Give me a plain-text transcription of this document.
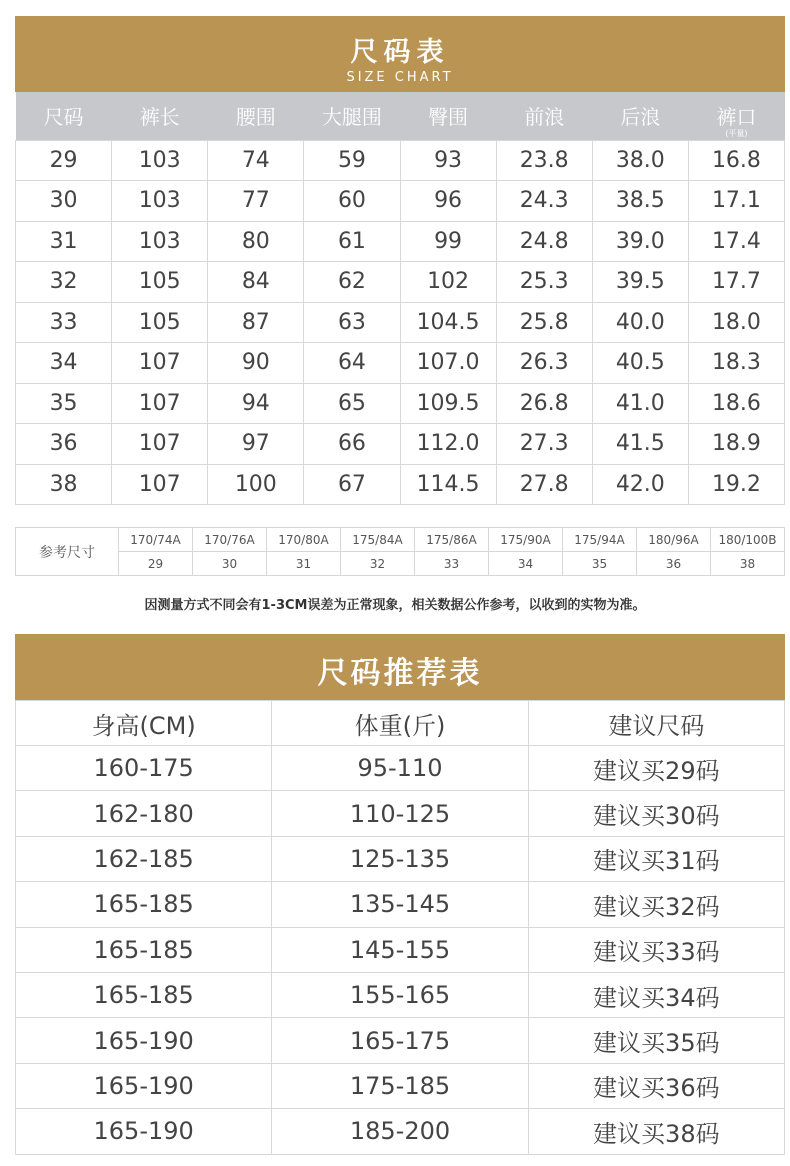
尺码表
SIZE CHART
尺码	裤长	腰围	大腿围	臀围	前浪	后浪	裤口
(平量)

29	103	74	59	93	23.8	38.0	16.8
30	103	77	60	96	24.3	38.5	17.1
31	103	80	61	99	24.8	39.0	17.4
32	105	84	62	102	25.3	39.5	17.7
33	105	87	63	104.5	25.8	40.0	18.0
34	107	90	64	107.0	26.3	40.5	18.3
35	107	94	65	109.5	26.8	41.0	18.6
36	107	97	66	112.0	27.3	41.5	18.9
38	107	100	67	114.5	27.8	42.0	19.2
参考尺寸	170/74A	170/76A	170/80A	175/84A	175/86A	175/90A	175/94A	180/96A	180/100B
	29	30	31	32	33	34	35	36	38
因测量方式不同会有1-3CM误差为正常现象，相关数据公作参考，以收到的实物为准。
尺码推荐表
身高(CM)	体重(斤)	建议尺码
160-175	95-110	建议买29码
162-180	110-125	建议买30码
162-185	125-135	建议买31码
165-185	135-145	建议买32码
165-185	145-155	建议买33码
165-185	155-165	建议买34码
165-190	165-175	建议买35码
165-190	175-185	建议买36码
165-190	185-200	建议买38码
